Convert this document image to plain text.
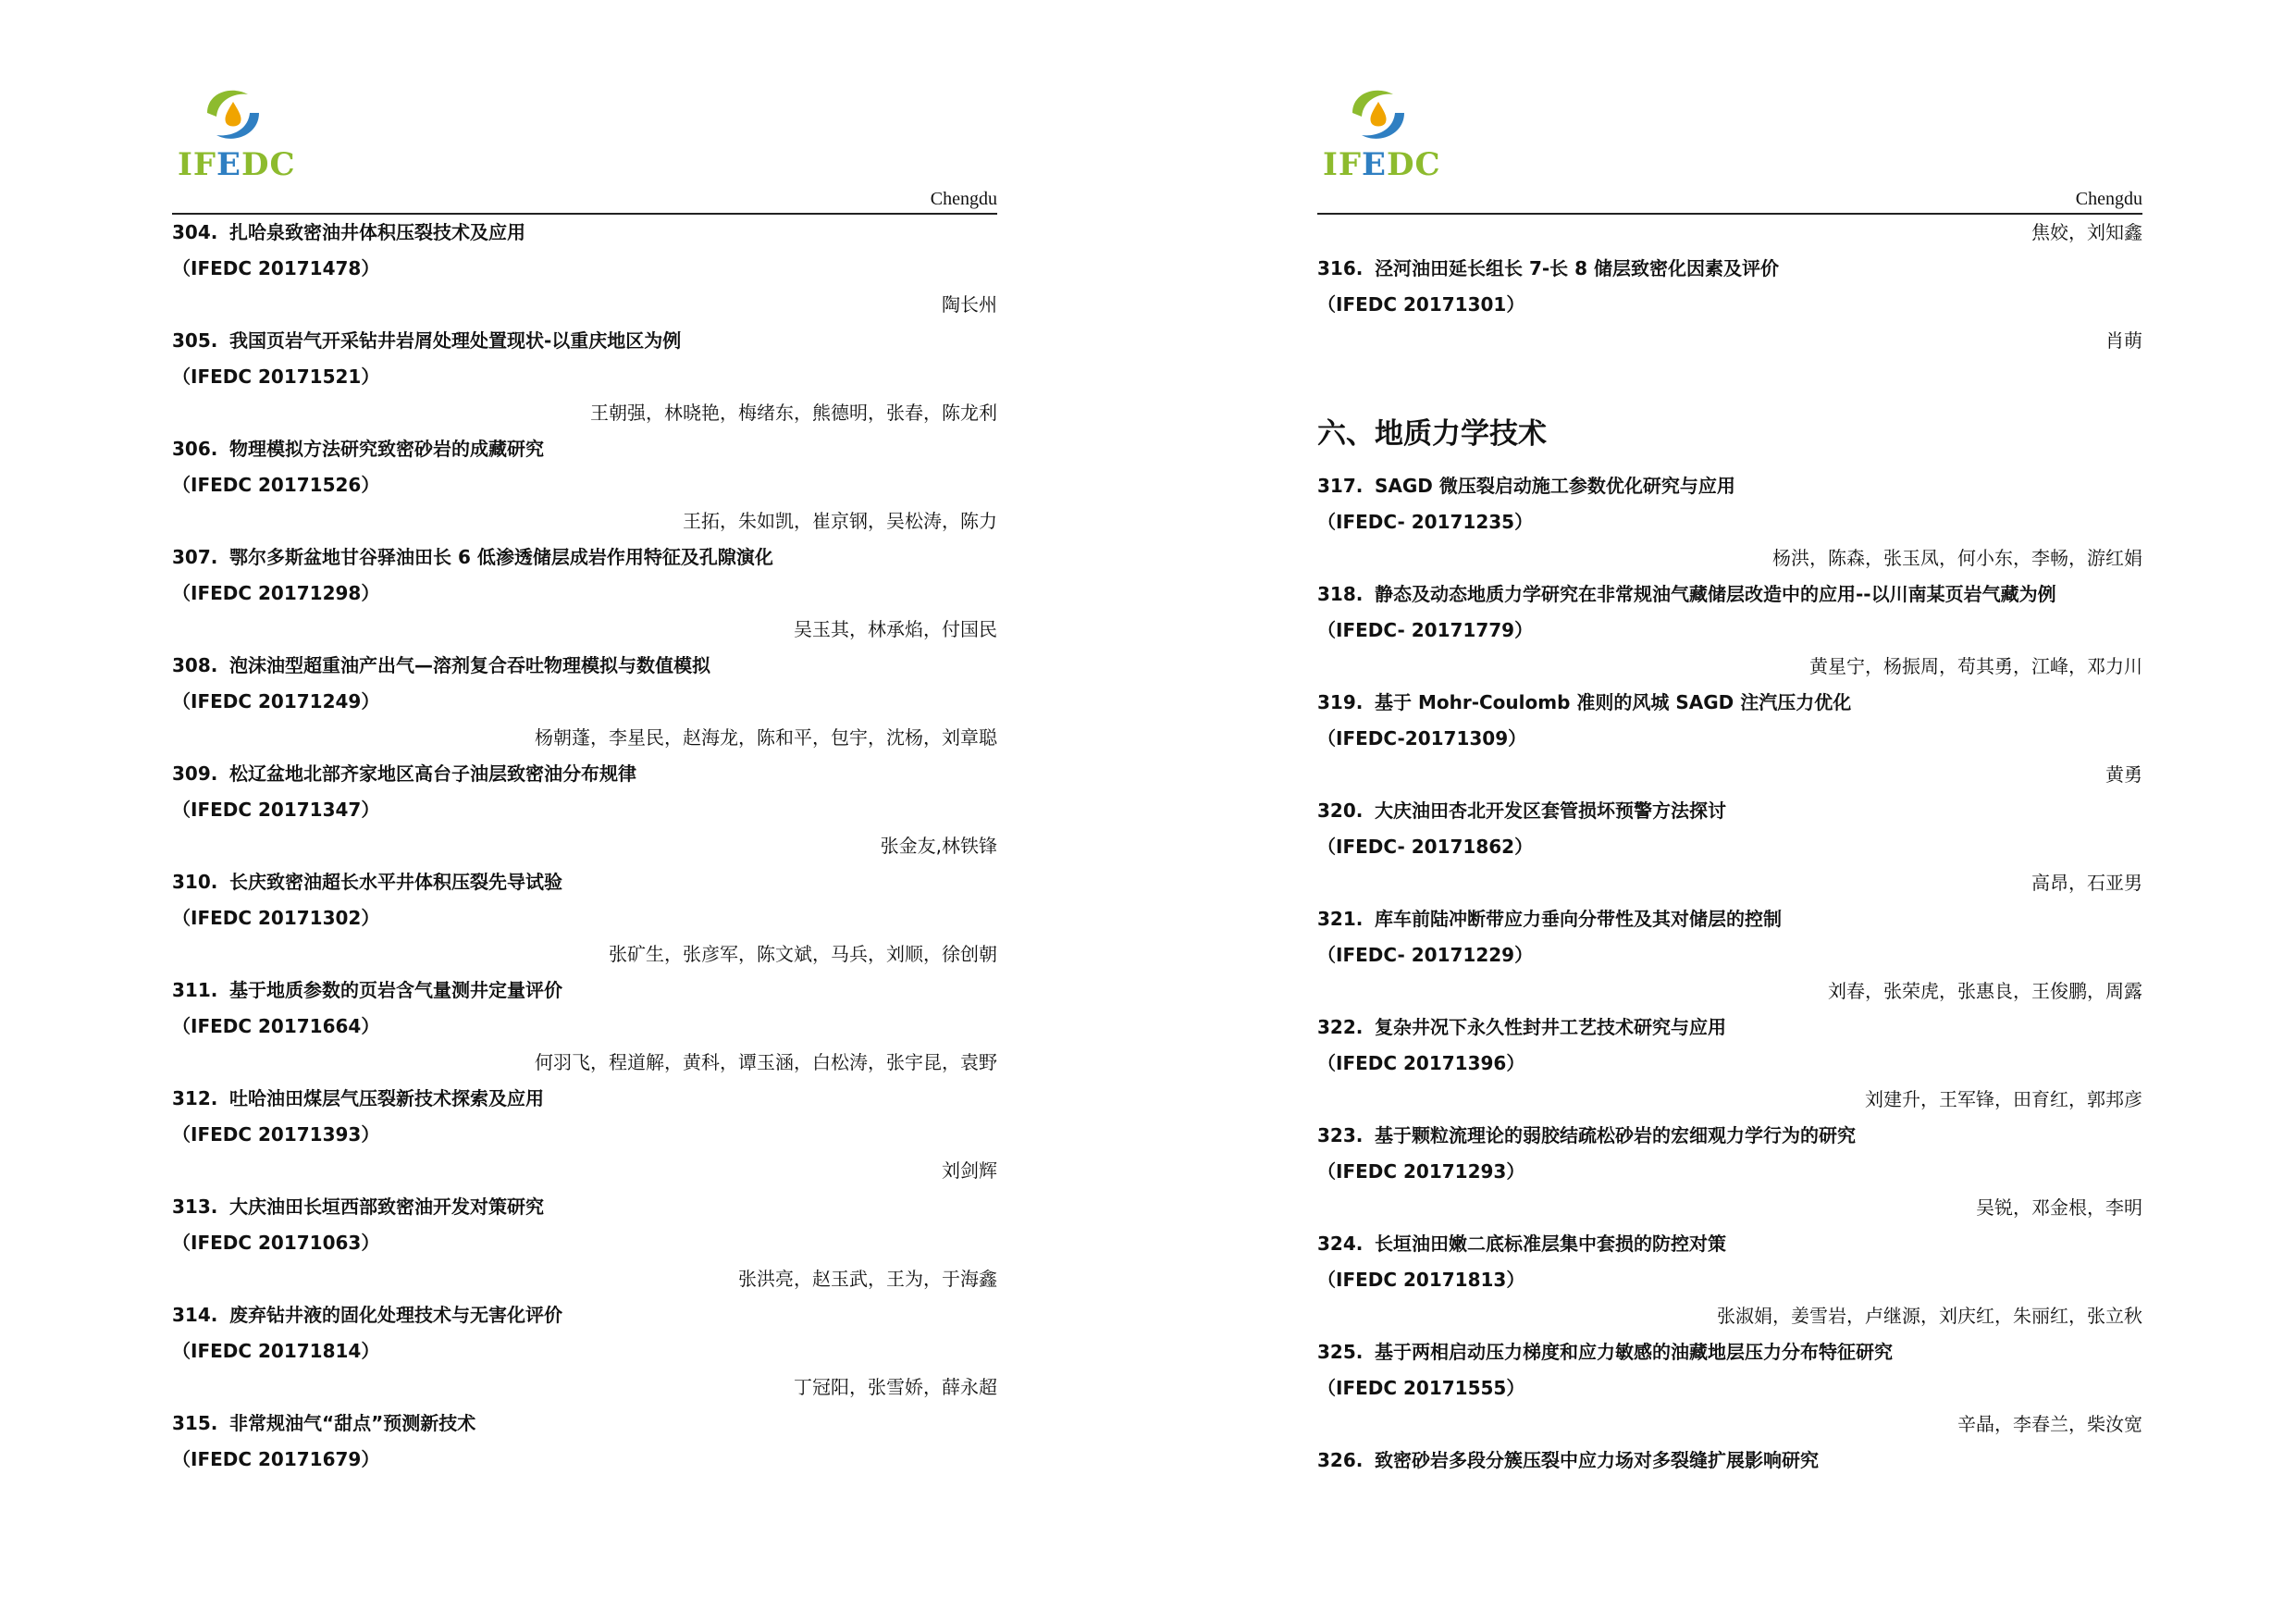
IFEDC
Chengdu
304. 扎哈泉致密油井体积压裂技术及应用
（IFEDC 20171478）
陶长州
305. 我国页岩气开采钻井岩屑处理处置现状-以重庆地区为例
（IFEDC 20171521）
王朝强，林晓艳，梅绪东，熊德明，张春，陈龙利
306. 物理模拟方法研究致密砂岩的成藏研究
（IFEDC 20171526）
王拓，朱如凯，崔京钢，吴松涛，陈力
307. 鄂尔多斯盆地甘谷驿油田长 6 低渗透储层成岩作用特征及孔隙演化
（IFEDC 20171298）
吴玉其，林承焰，付国民
308. 泡沫油型超重油产出气—溶剂复合吞吐物理模拟与数值模拟
（IFEDC 20171249）
杨朝蓬，李星民，赵海龙，陈和平，包宇，沈杨，刘章聪
309. 松辽盆地北部齐家地区高台子油层致密油分布规律
（IFEDC 20171347）
张金友,林铁锋
310. 长庆致密油超长水平井体积压裂先导试验
（IFEDC 20171302）
张矿生，张彦军，陈文斌，马兵，刘顺，徐创朝
311. 基于地质参数的页岩含气量测井定量评价
（IFEDC 20171664）
何羽飞，程道解，黄科，谭玉涵，白松涛，张宇昆，袁野
312. 吐哈油田煤层气压裂新技术探索及应用
（IFEDC 20171393）
刘剑辉
313. 大庆油田长垣西部致密油开发对策研究
（IFEDC 20171063）
张洪亮，赵玉武，王为，于海鑫
314. 废弃钻井液的固化处理技术与无害化评价
（IFEDC 20171814）
丁冠阳，张雪娇，薛永超
315. 非常规油气“甜点”预测新技术
（IFEDC 20171679）
IFEDC
Chengdu
焦姣，刘知鑫
316. 泾河油田延长组长 7-长 8 储层致密化因素及评价
（IFEDC 20171301）
肖萌
六、地质力学技术
317. SAGD 微压裂启动施工参数优化研究与应用
（IFEDC- 20171235）
杨洪，陈森，张玉凤，何小东，李畅，游红娟
318. 静态及动态地质力学研究在非常规油气藏储层改造中的应用--以川南某页岩气藏为例
（IFEDC- 20171779）
黄星宁，杨振周，苟其勇，江峰，邓力川
319. 基于 Mohr-Coulomb 准则的风城 SAGD 注汽压力优化
（IFEDC-20171309）
黄勇
320. 大庆油田杏北开发区套管损坏预警方法探讨
（IFEDC- 20171862）
高昂，石亚男
321. 库车前陆冲断带应力垂向分带性及其对储层的控制
（IFEDC- 20171229）
刘春，张荣虎，张惠良，王俊鹏，周露
322. 复杂井况下永久性封井工艺技术研究与应用
（IFEDC 20171396）
刘建升，王军锋，田育红，郭邦彦
323. 基于颗粒流理论的弱胶结疏松砂岩的宏细观力学行为的研究
（IFEDC 20171293）
吴锐，邓金根，李明
324. 长垣油田嫩二底标准层集中套损的防控对策
（IFEDC 20171813）
张淑娟，姜雪岩，卢继源，刘庆红，朱丽红，张立秋
325. 基于两相启动压力梯度和应力敏感的油藏地层压力分布特征研究
（IFEDC 20171555）
辛晶，李春兰，柴汝宽
326. 致密砂岩多段分簇压裂中应力场对多裂缝扩展影响研究
